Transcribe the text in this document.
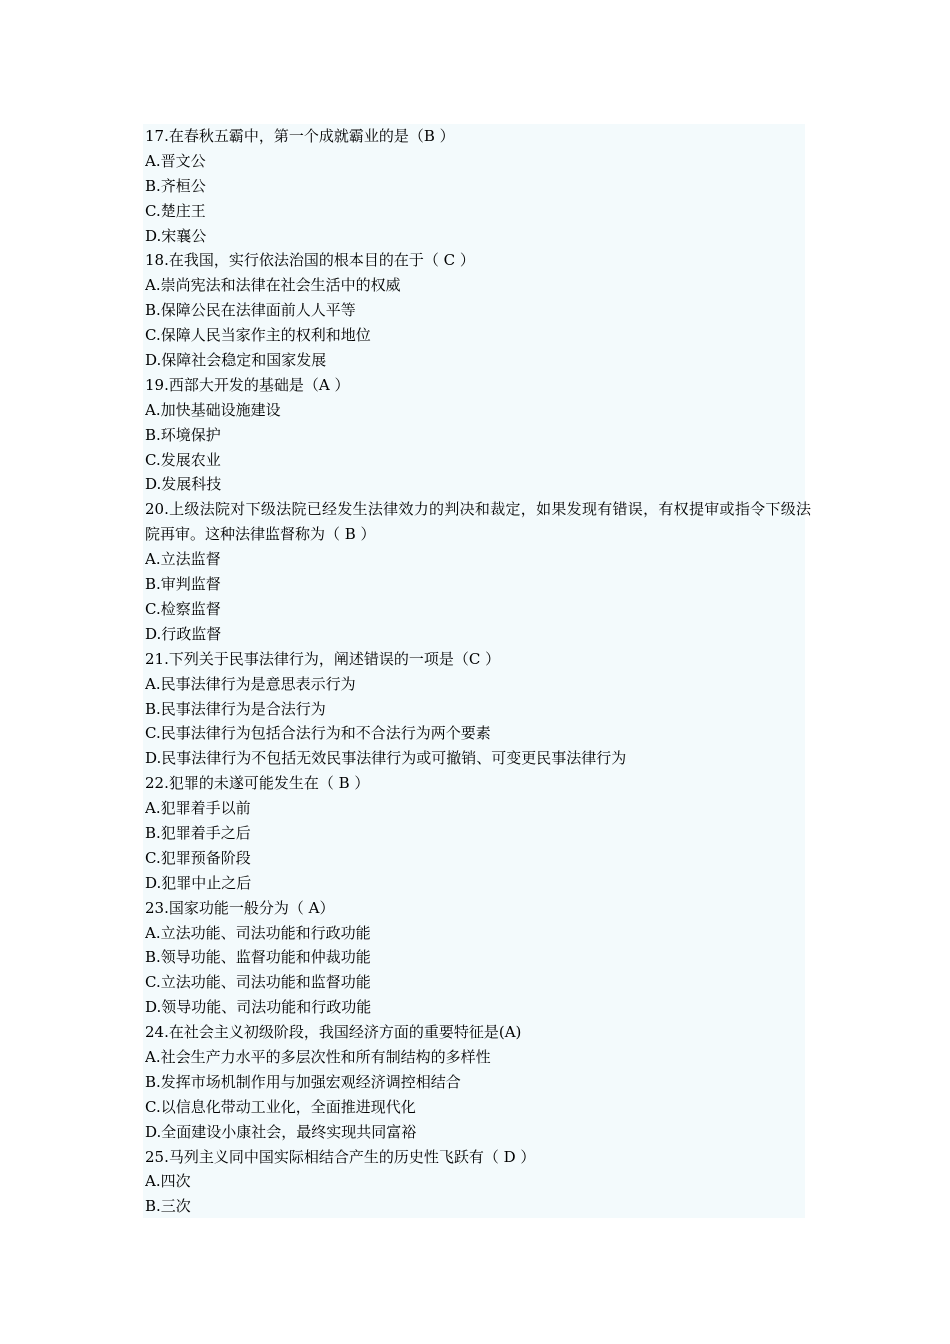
17.在春秋五霸中，第一个成就霸业的是（B ）
A.晋文公
B.齐桓公
C.楚庄王
D.宋襄公
18.在我国，实行依法治国的根本目的在于（ C ）
A.崇尚宪法和法律在社会生活中的权威
B.保障公民在法律面前人人平等
C.保障人民当家作主的权利和地位
D.保障社会稳定和国家发展
19.西部大开发的基础是（A ）
A.加快基础设施建设
B.环境保护
C.发展农业
D.发展科技
20.上级法院对下级法院已经发生法律效力的判决和裁定，如果发现有错误，有权提审或指令下级法院再审。这种法律监督称为（ B ）
A.立法监督
B.审判监督
C.检察监督
D.行政监督
21.下列关于民事法律行为，阐述错误的一项是（C ）
A.民事法律行为是意思表示行为
B.民事法律行为是合法行为
C.民事法律行为包括合法行为和不合法行为两个要素
D.民事法律行为不包括无效民事法律行为或可撤销、可变更民事法律行为
22.犯罪的未遂可能发生在（ B ）
A.犯罪着手以前
B.犯罪着手之后
C.犯罪预备阶段
D.犯罪中止之后
23.国家功能一般分为（ A）
A.立法功能、司法功能和行政功能
B.领导功能、监督功能和仲裁功能
C.立法功能、司法功能和监督功能
D.领导功能、司法功能和行政功能
24.在社会主义初级阶段，我国经济方面的重要特征是(A)
A.社会生产力水平的多层次性和所有制结构的多样性
B.发挥市场机制作用与加强宏观经济调控相结合
C.以信息化带动工业化，全面推进现代化
D.全面建设小康社会，最终实现共同富裕
25.马列主义同中国实际相结合产生的历史性飞跃有（ D ）
A.四次
B.三次
